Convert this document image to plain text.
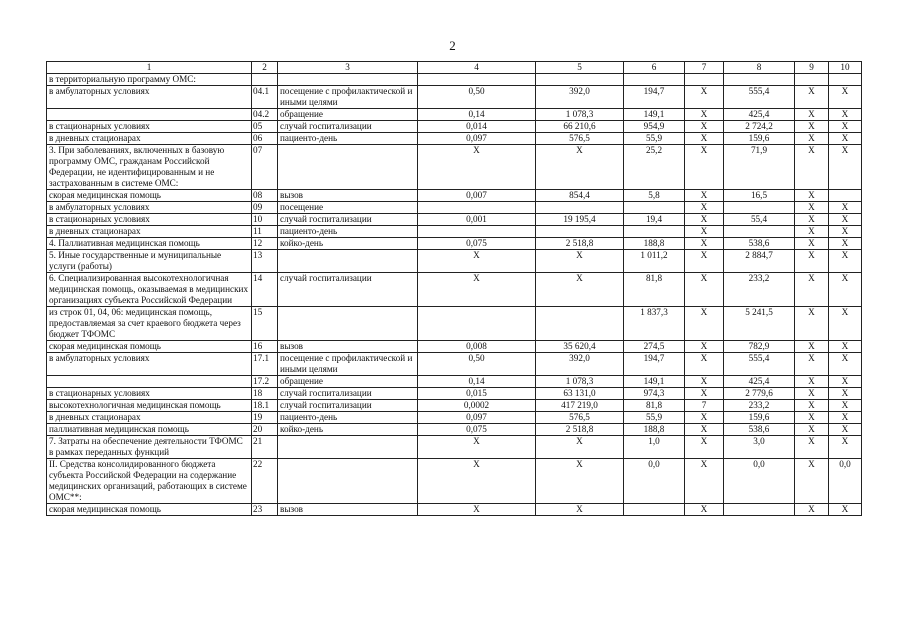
2
1	2	3	4	5	6	7	8	9	10
в территориальную программу ОМС:									
в амбулаторных условиях	04.1	посещение с профилактической и иными целями	0,50	392,0	194,7	X	555,4	X	X
	04.2	обращение	0,14	1 078,3	149,1	X	425,4	X	X
в стационарных условиях	05	случай госпитализации	0,014	66 210,6	954,9	X	2 724,2	X	X
в дневных стационарах	06	пациенто-день	0,097	576,5	55,9	X	159,6	X	X
3. При заболеваниях, включенных в базовую программу ОМС, гражданам Российской Федерации, не идентифицированным и не застрахованным в системе ОМС:	07		X	X	25,2	X	71,9	X	X
скорая медицинская помощь	08	вызов	0,007	854,4	5,8	X	16,5	X	
в амбулаторных условиях	09	посещение				X		X	X
в стационарных условиях	10	случай госпитализации	0,001	19 195,4	19,4	X	55,4	X	X
в дневных стационарах	11	пациенто-день				X		X	X
4. Паллиативная медицинская помощь	12	койко-день	0,075	2 518,8	188,8	X	538,6	X	X
5. Иные государственные и муниципальные услуги (работы)	13		X	X	1 011,2	X	2 884,7	X	X
6. Специализированная высокотехнологичная медицинская помощь, оказываемая в медицинских организациях субъекта Российской Федерации	14	случай госпитализации	X	X	81,8	X	233,2	X	X
из строк 01, 04, 06: медицинская помощь, предоставляемая за счет краевого бюджета через бюджет ТФОМС	15				1 837,3	X	5 241,5	X	X
скорая медицинская помощь	16	вызов	0,008	35 620,4	274,5	X	782,9	X	X
в амбулаторных условиях	17.1	посещение с профилактической и иными целями	0,50	392,0	194,7	X	555,4	X	X
	17.2	обращение	0,14	1 078,3	149,1	X	425,4	X	X
в стационарных условиях	18	случай госпитализации	0,015	63 131,0	974,3	X	2 779,6	X	X
высокотехнологичная медицинская помощь	18.1	случай госпитализации	0,0002	417 219,0	81,8	7	233,2	X	X
в дневных стационарах	19	пациенто-день	0,097	576,5	55,9	X	159,6	X	X
паллиативная медицинская помощь	20	койко-день	0,075	2 518,8	188,8	X	538,6	X	X
7. Затраты на обеспечение деятельности ТФОМС в рамках переданных функций	21		X	X	1,0	X	3,0	X	X
II. Средства консолидированного бюджета субъекта Российской Федерации на содержание медицинских организаций, работающих в системе ОМС**:	22		X	X	0,0	X	0,0	X	0,0
скорая медицинская помощь	23	вызов	X	X		X		X	X
